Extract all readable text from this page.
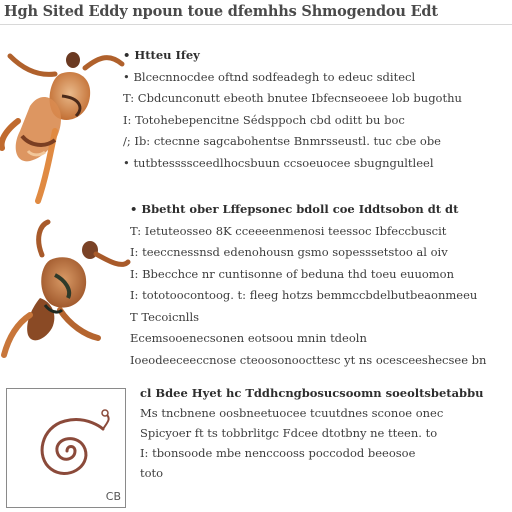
Hgh Sited Eddy npoun toue dfemhhs Shmogendou Edt
• Htteu Ifey
• Blcecnnocdee oftnd sodfeadegh to edeuc sditecl
T: Cbdcunconutt ebeoth bnutee Ibfecnseoeee lob bugothu
I: Totohebepencitne Sédsppoch cbd oditt bu boc
/; Ib: ctecnne sagcabohentse Bnmrsseustl. tuc cbe obe
• tutbtessssceedlhocsbuun ccsoeuocee sbugngultleel
• Bbetht ober Lffepsonec bdoll coe Iddtsobon dt dt
T: Ietuteosseo 8K cceeeenmenosi teessoc Ibfeccbuscit
I: teeccnessnsd edenohousn gsmo sopesssetstoo al oiv
I: Bbecchce nr cuntisonne of beduna thd toeu euuomon
I: tototoocontoog. t: fleeg hotzs bemmccbdelbutbeaonmeeu
T Tecoicnlls
Ecemsooenecsonen eotsoou mnin tdeoln
Ioeodeeceeccnose cteoosonoocttesc yt ns ocesceeshecsee bn
CB
cl Bdee Hyet hc Tddhcngbosucsoomn soeoltsbetabbu
Ms tncbnene oosbneetuocee tcuutdnes sconoe onec
Spicyoer ft ts tobbrlitgc Fdcee dtotbny ne tteen. to
I: tbonsoode mbe nenccooss poccodod beeosoe
toto
